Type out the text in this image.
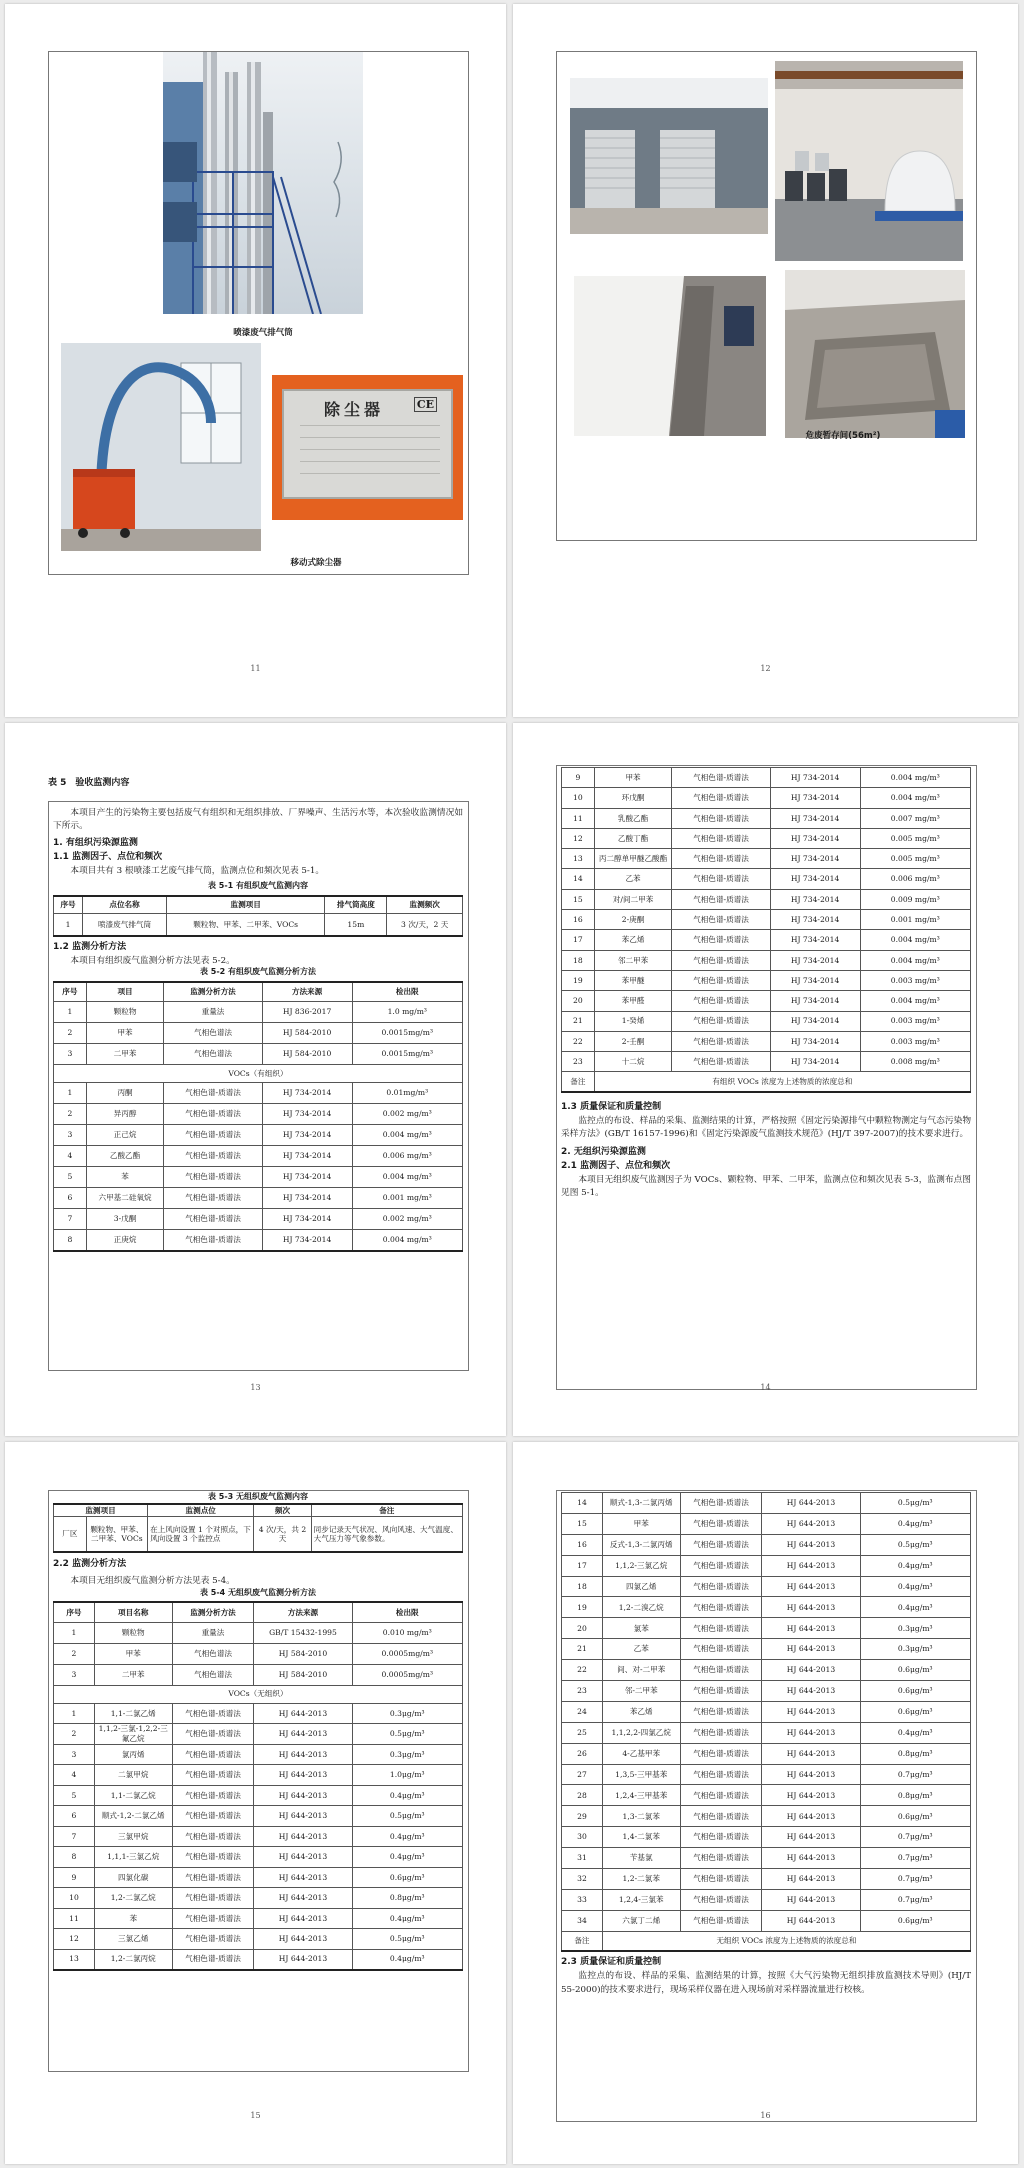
喷漆废气排气筒
除尘器	CE
移动式除尘器
11
危废暂存间(56m²)
12
表 5　验收监测内容
本项目产生的污染物主要包括废气有组织和无组织排放、厂界噪声、生活污水等，本次验收监测情况如下所示。
1. 有组织污染源监测
1.1 监测因子、点位和频次
本项目共有 3 根喷漆工艺废气排气筒，监测点位和频次见表 5-1。
表 5-1 有组织废气监测内容
序号	点位名称	监测项目	排气筒高度	监测频次
1	喷漆废气排气筒	颗粒物、甲苯、二甲苯、VOCs	15m	3 次/天，2 天
1.2 监测分析方法
本项目有组织废气监测分析方法见表 5-2。
表 5-2 有组织废气监测分析方法
序号	项目	监测分析方法	方法来源	检出限
1	颗粒物	重量法	HJ 836-2017	1.0 mg/m³
2	甲苯	气相色谱法	HJ 584-2010	0.0015mg/m³
3	二甲苯	气相色谱法	HJ 584-2010	0.0015mg/m³
VOCs（有组织）				
1	丙酮	气相色谱-质谱法	HJ 734-2014	0.01mg/m³
2	异丙醇	气相色谱-质谱法	HJ 734-2014	0.002 mg/m³
3	正己烷	气相色谱-质谱法	HJ 734-2014	0.004 mg/m³
4	乙酸乙酯	气相色谱-质谱法	HJ 734-2014	0.006 mg/m³
5	苯	气相色谱-质谱法	HJ 734-2014	0.004 mg/m³
6	六甲基二硅氧烷	气相色谱-质谱法	HJ 734-2014	0.001 mg/m³
7	3-戊酮	气相色谱-质谱法	HJ 734-2014	0.002 mg/m³
8	正庚烷	气相色谱-质谱法	HJ 734-2014	0.004 mg/m³
13
9	甲苯	气相色谱-质谱法	HJ 734-2014	0.004 mg/m³
10	环戊酮	气相色谱-质谱法	HJ 734-2014	0.004 mg/m³
11	乳酸乙酯	气相色谱-质谱法	HJ 734-2014	0.007 mg/m³
12	乙酸丁酯	气相色谱-质谱法	HJ 734-2014	0.005 mg/m³
13	丙二醇单甲醚乙酸酯	气相色谱-质谱法	HJ 734-2014	0.005 mg/m³
14	乙苯	气相色谱-质谱法	HJ 734-2014	0.006 mg/m³
15	对/间二甲苯	气相色谱-质谱法	HJ 734-2014	0.009 mg/m³
16	2-庚酮	气相色谱-质谱法	HJ 734-2014	0.001 mg/m³
17	苯乙烯	气相色谱-质谱法	HJ 734-2014	0.004 mg/m³
18	邻二甲苯	气相色谱-质谱法	HJ 734-2014	0.004 mg/m³
19	苯甲醚	气相色谱-质谱法	HJ 734-2014	0.003 mg/m³
20	苯甲醛	气相色谱-质谱法	HJ 734-2014	0.004 mg/m³
21	1-癸烯	气相色谱-质谱法	HJ 734-2014	0.003 mg/m³
22	2-壬酮	气相色谱-质谱法	HJ 734-2014	0.003 mg/m³
23	十二烷	气相色谱-质谱法	HJ 734-2014	0.008 mg/m³
备注	有组织 VOCs 浓度为上述物质的浓度总和			
1.3 质量保证和质量控制
监控点的布设、样品的采集、监测结果的计算，严格按照《固定污染源排气中颗粒物测定与气态污染物采样方法》(GB/T 16157-1996)和《固定污染源废气监测技术规范》(HJ/T 397-2007)的技术要求进行。
2. 无组织污染源监测
2.1 监测因子、点位和频次
本项目无组织废气监测因子为 VOCs、颗粒物、甲苯、二甲苯，监测点位和频次见表 5-3，监测布点图见图 5-1。
14
表 5-3 无组织废气监测内容
监测项目		监测点位	频次	备注
厂区	颗粒物、甲苯、二甲苯、VOCs	在上风向设置 1 个对照点，下风向设置 3 个监控点	4 次/天，共 2 天	同步记录天气状况、风向风速、大气温度、大气压力等气象参数。
2.2 监测分析方法
本项目无组织废气监测分析方法见表 5-4。
表 5-4 无组织废气监测分析方法
序号	项目名称	监测分析方法	方法来源	检出限
1	颗粒物	重量法	GB/T 15432-1995	0.010 mg/m³
2	甲苯	气相色谱法	HJ 584-2010	0.0005mg/m³
3	二甲苯	气相色谱法	HJ 584-2010	0.0005mg/m³
VOCs（无组织）				
1	1,1-二氯乙烯	气相色谱-质谱法	HJ 644-2013	0.3μg/m³
2	1,1,2-三氯-1,2,2-三氟乙烷	气相色谱-质谱法	HJ 644-2013	0.5μg/m³
3	氯丙烯	气相色谱-质谱法	HJ 644-2013	0.3μg/m³
4	二氯甲烷	气相色谱-质谱法	HJ 644-2013	1.0μg/m³
5	1,1-二氯乙烷	气相色谱-质谱法	HJ 644-2013	0.4μg/m³
6	顺式-1,2-二氯乙烯	气相色谱-质谱法	HJ 644-2013	0.5μg/m³
7	三氯甲烷	气相色谱-质谱法	HJ 644-2013	0.4μg/m³
8	1,1,1-三氯乙烷	气相色谱-质谱法	HJ 644-2013	0.4μg/m³
9	四氯化碳	气相色谱-质谱法	HJ 644-2013	0.6μg/m³
10	1,2-二氯乙烷	气相色谱-质谱法	HJ 644-2013	0.8μg/m³
11	苯	气相色谱-质谱法	HJ 644-2013	0.4μg/m³
12	三氯乙烯	气相色谱-质谱法	HJ 644-2013	0.5μg/m³
13	1,2-二氯丙烷	气相色谱-质谱法	HJ 644-2013	0.4μg/m³
15
14	顺式-1,3-二氯丙烯	气相色谱-质谱法	HJ 644-2013	0.5μg/m³
15	甲苯	气相色谱-质谱法	HJ 644-2013	0.4μg/m³
16	反式-1,3-二氯丙烯	气相色谱-质谱法	HJ 644-2013	0.5μg/m³
17	1,1,2-三氯乙烷	气相色谱-质谱法	HJ 644-2013	0.4μg/m³
18	四氯乙烯	气相色谱-质谱法	HJ 644-2013	0.4μg/m³
19	1,2-二溴乙烷	气相色谱-质谱法	HJ 644-2013	0.4μg/m³
20	氯苯	气相色谱-质谱法	HJ 644-2013	0.3μg/m³
21	乙苯	气相色谱-质谱法	HJ 644-2013	0.3μg/m³
22	间、对-二甲苯	气相色谱-质谱法	HJ 644-2013	0.6μg/m³
23	邻-二甲苯	气相色谱-质谱法	HJ 644-2013	0.6μg/m³
24	苯乙烯	气相色谱-质谱法	HJ 644-2013	0.6μg/m³
25	1,1,2,2-四氯乙烷	气相色谱-质谱法	HJ 644-2013	0.4μg/m³
26	4-乙基甲苯	气相色谱-质谱法	HJ 644-2013	0.8μg/m³
27	1,3,5-三甲基苯	气相色谱-质谱法	HJ 644-2013	0.7μg/m³
28	1,2,4-三甲基苯	气相色谱-质谱法	HJ 644-2013	0.8μg/m³
29	1,3-二氯苯	气相色谱-质谱法	HJ 644-2013	0.6μg/m³
30	1,4-二氯苯	气相色谱-质谱法	HJ 644-2013	0.7μg/m³
31	苄基氯	气相色谱-质谱法	HJ 644-2013	0.7μg/m³
32	1,2-二氯苯	气相色谱-质谱法	HJ 644-2013	0.7μg/m³
33	1,2,4-三氯苯	气相色谱-质谱法	HJ 644-2013	0.7μg/m³
34	六氯丁二烯	气相色谱-质谱法	HJ 644-2013	0.6μg/m³
备注	无组织 VOCs 浓度为上述物质的浓度总和			
2.3 质量保证和质量控制
监控点的布设、样品的采集、监测结果的计算，按照《大气污染物无组织排放监测技术导则》(HJ/T 55-2000)的技术要求进行，现场采样仪器在进入现场前对采样器流量进行校核。
16
